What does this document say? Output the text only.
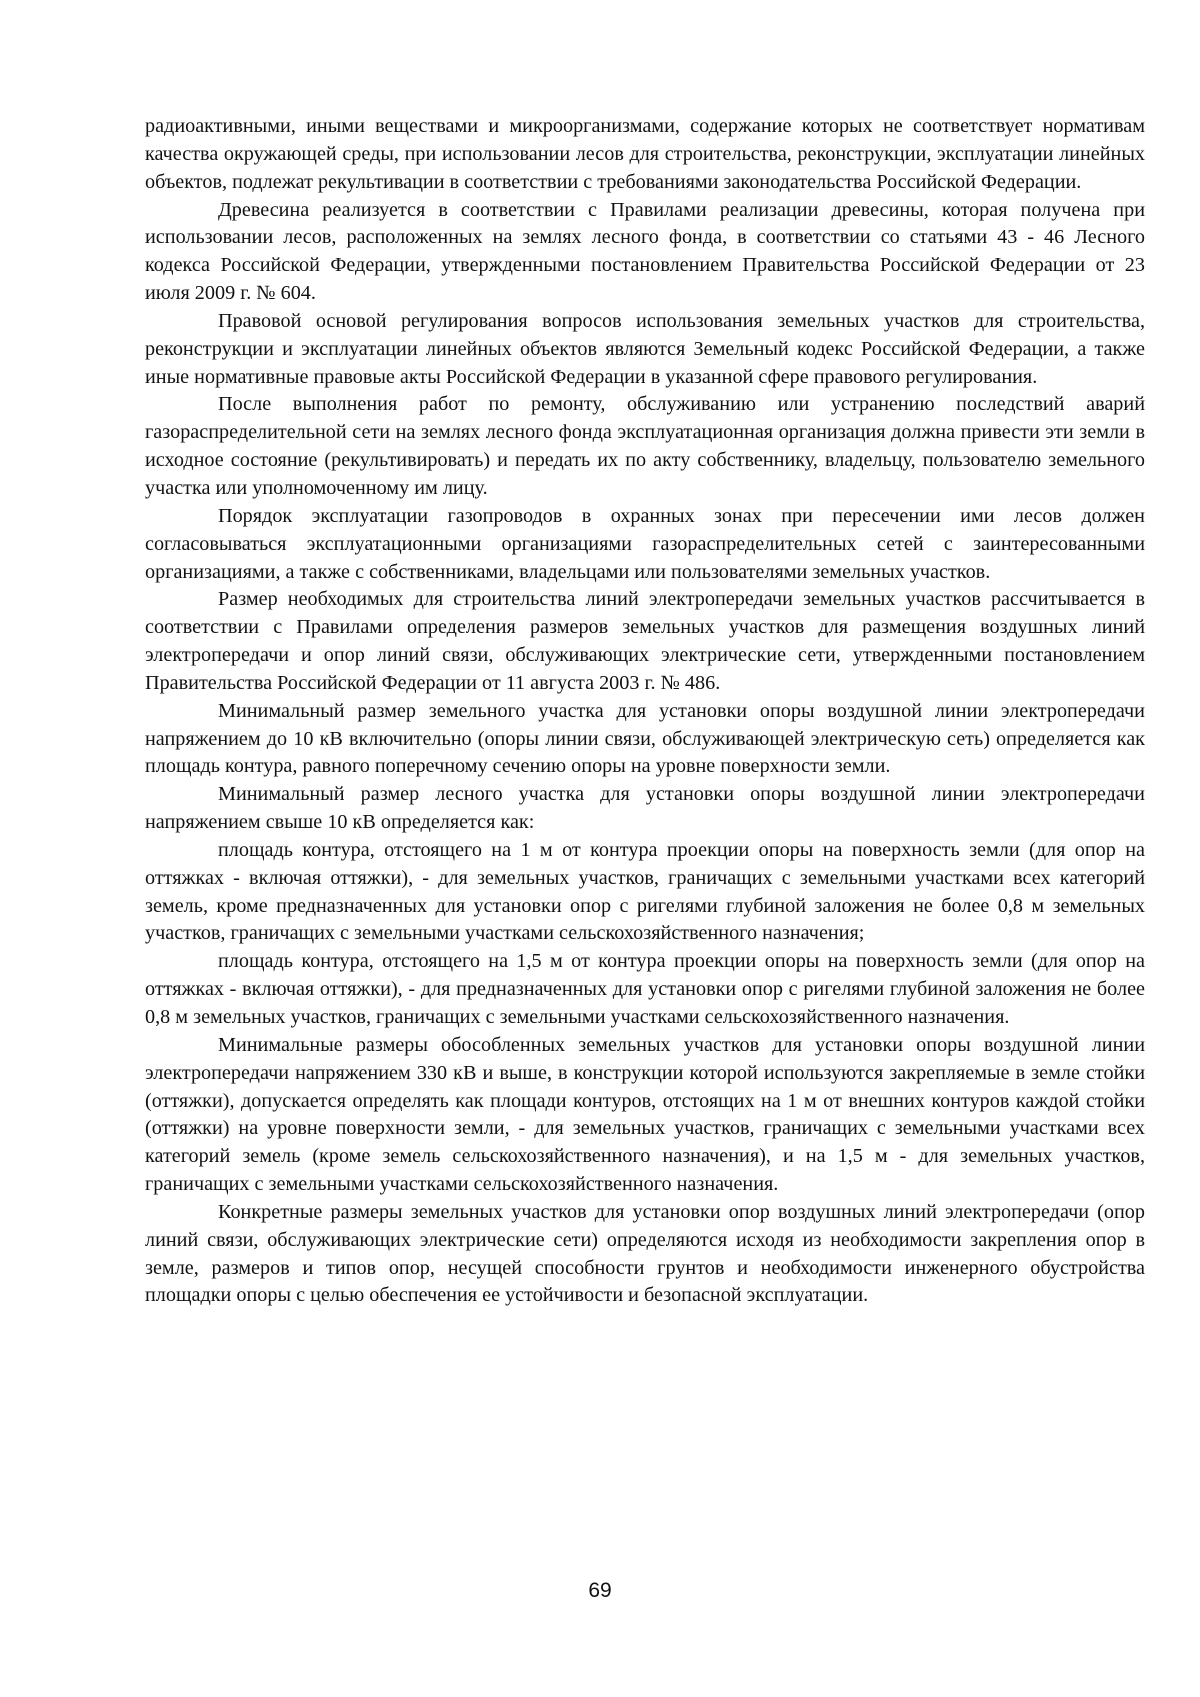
радиоактивными, иными веществами и микроорганизмами, содержание которых не соответствует нормативам качества окружающей среды, при использовании лесов для строительства, реконструкции, эксплуатации линейных объектов, подлежат рекультивации в соответствии с требованиями законодательства Российской Федерации.

Древесина реализуется в соответствии с Правилами реализации древесины, которая получена при использовании лесов, расположенных на землях лесного фонда, в соответствии со статьями 43 - 46 Лесного кодекса Российской Федерации, утвержденными постановлением Правительства Российской Федерации от 23 июля 2009 г. № 604.

Правовой основой регулирования вопросов использования земельных участков для строительства, реконструкции и эксплуатации линейных объектов являются Земельный кодекс Российской Федерации, а также иные нормативные правовые акты Российской Федерации в указанной сфере правового регулирования.

После выполнения работ по ремонту, обслуживанию или устранению последствий аварий газораспределительной сети на землях лесного фонда эксплуатационная организация должна привести эти земли в исходное состояние (рекультивировать) и передать их по акту собственнику, владельцу, пользователю земельного участка или уполномоченному им лицу.

Порядок эксплуатации газопроводов в охранных зонах при пересечении ими лесов должен согласовываться эксплуатационными организациями газораспределительных сетей с заинтересованными организациями, а также с собственниками, владельцами или пользователями земельных участков.

Размер необходимых для строительства линий электропередачи земельных участков рассчитывается в соответствии с Правилами определения размеров земельных участков для размещения воздушных линий электропередачи и опор линий связи, обслуживающих электрические сети, утвержденными постановлением Правительства Российской Федерации от 11 августа 2003 г. № 486.

Минимальный размер земельного участка для установки опоры воздушной линии электропередачи напряжением до 10 кВ включительно (опоры линии связи, обслуживающей электрическую сеть) определяется как площадь контура, равного поперечному сечению опоры на уровне поверхности земли.

Минимальный размер лесного участка для установки опоры воздушной линии электропередачи напряжением свыше 10 кВ определяется как:

площадь контура, отстоящего на 1 м от контура проекции опоры на поверхность земли (для опор на оттяжках - включая оттяжки), - для земельных участков, граничащих с земельными участками всех категорий земель, кроме предназначенных для установки опор с ригелями глубиной заложения не более 0,8 м земельных участков, граничащих с земельными участками сельскохозяйственного назначения;

площадь контура, отстоящего на 1,5 м от контура проекции опоры на поверхность земли (для опор на оттяжках - включая оттяжки), - для предназначенных для установки опор с ригелями глубиной заложения не более 0,8 м земельных участков, граничащих с земельными участками сельскохозяйственного назначения.

Минимальные размеры обособленных земельных участков для установки опоры воздушной линии электропередачи напряжением 330 кВ и выше, в конструкции которой используются закрепляемые в земле стойки (оттяжки), допускается определять как площади контуров, отстоящих на 1 м от внешних контуров каждой стойки (оттяжки) на уровне поверхности земли, - для земельных участков, граничащих с земельными участками всех категорий земель (кроме земель сельскохозяйственного назначения), и на 1,5 м - для земельных участков, граничащих с земельными участками сельскохозяйственного назначения.

Конкретные размеры земельных участков для установки опор воздушных линий электропередачи (опор линий связи, обслуживающих электрические сети) определяются исходя из необходимости закрепления опор в земле, размеров и типов опор, несущей способности грунтов и необходимости инженерного обустройства площадки опоры с целью обеспечения ее устойчивости и безопасной эксплуатации.

69
